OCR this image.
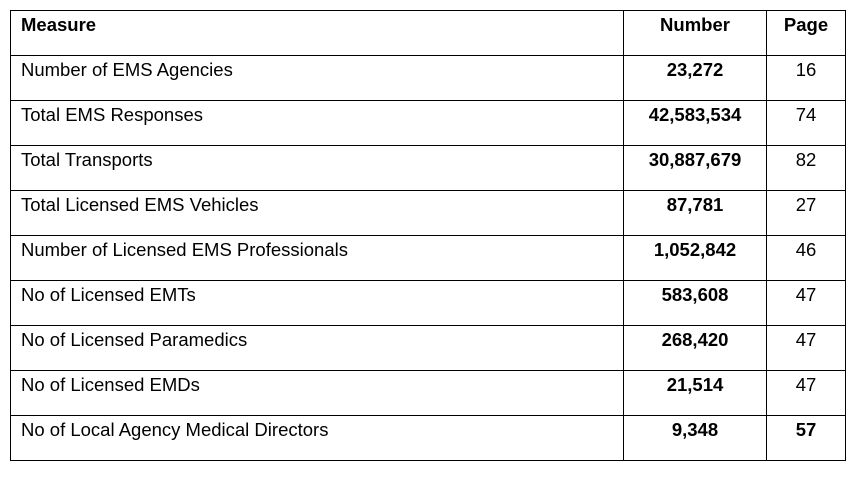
Measure	Number	Page

Number of EMS Agencies	23,272	16

Total EMS Responses	42,583,534	74

Total Transports	30,887,679	82

Total Licensed EMS Vehicles	87,781	27

Number of Licensed EMS Professionals	1,052,842	46

No of Licensed EMTs	583,608	47

No of Licensed Paramedics	268,420	47

No of Licensed EMDs	21,514	47

No of Local Agency Medical Directors	9,348	57
